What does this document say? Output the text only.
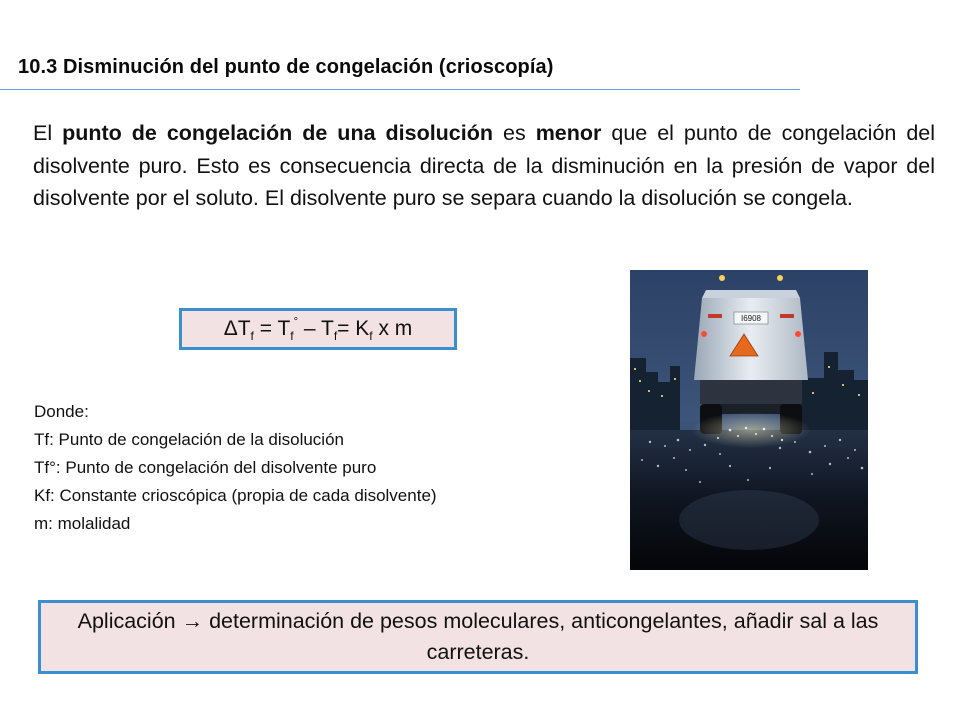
10.3 Disminución del punto de congelación (crioscopía)
El punto de congelación de una disolución es menor que el punto de congelación del disolvente puro. Esto es consecuencia directa de la disminución en la presión de vapor del disolvente por el soluto. El disolvente puro se separa cuando la disolución se congela.
$\Delta T_f = T_f^\circ - T_f= K_f$ x m
Donde:
Tf: Punto de congelación de la disolución
Tf°: Punto de congelación del disolvente puro
Kf: Constante crioscópica (propia de cada disolvente)
m: molalidad
I6908
Aplicación → determinación de pesos moleculares, anticongelantes, añadir sal a las carreteras.
